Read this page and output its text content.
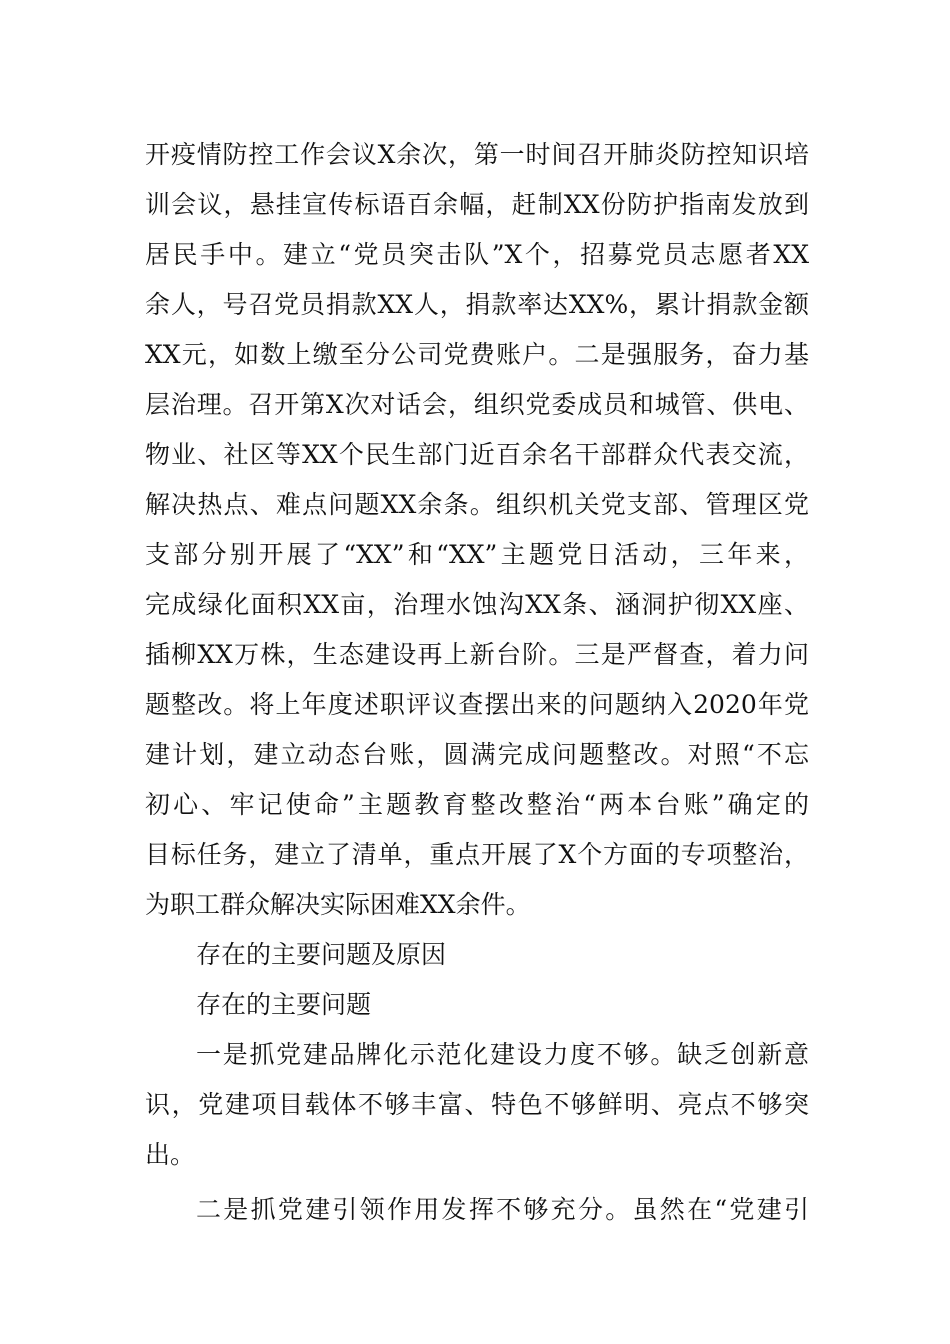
开疫情防控工作会议X余次，第一时间召开肺炎防控知识培
训会议，悬挂宣传标语百余幅，赶制XX份防护指南发放到
居民手中。建立“党员突击队”X个，招募党员志愿者XX
余人，号召党员捐款XX人，捐款率达XX%，累计捐款金额
XX元，如数上缴至分公司党费账户。二是强服务，奋力基
层治理。召开第X次对话会，组织党委成员和城管、供电、
物业、社区等XX个民生部门近百余名干部群众代表交流，
解决热点、难点问题XX余条。组织机关党支部、管理区党
支部分别开展了“XX”和“XX”主题党日活动，三年来，
完成绿化面积XX亩，治理水蚀沟XX条、涵洞护彻XX座、
插柳XX万株，生态建设再上新台阶。三是严督查，着力问
题整改。将上年度述职评议查摆出来的问题纳入2020年党
建计划，建立动态台账，圆满完成问题整改。对照“不忘
初心、牢记使命”主题教育整改整治“两本台账”确定的
目标任务，建立了清单，重点开展了X个方面的专项整治，
为职工群众解决实际困难XX余件。
存在的主要问题及原因
存在的主要问题
一是抓党建品牌化示范化建设力度不够。缺乏创新意
识，党建项目载体不够丰富、特色不够鲜明、亮点不够突
出。
二是抓党建引领作用发挥不够充分。虽然在“党建引
